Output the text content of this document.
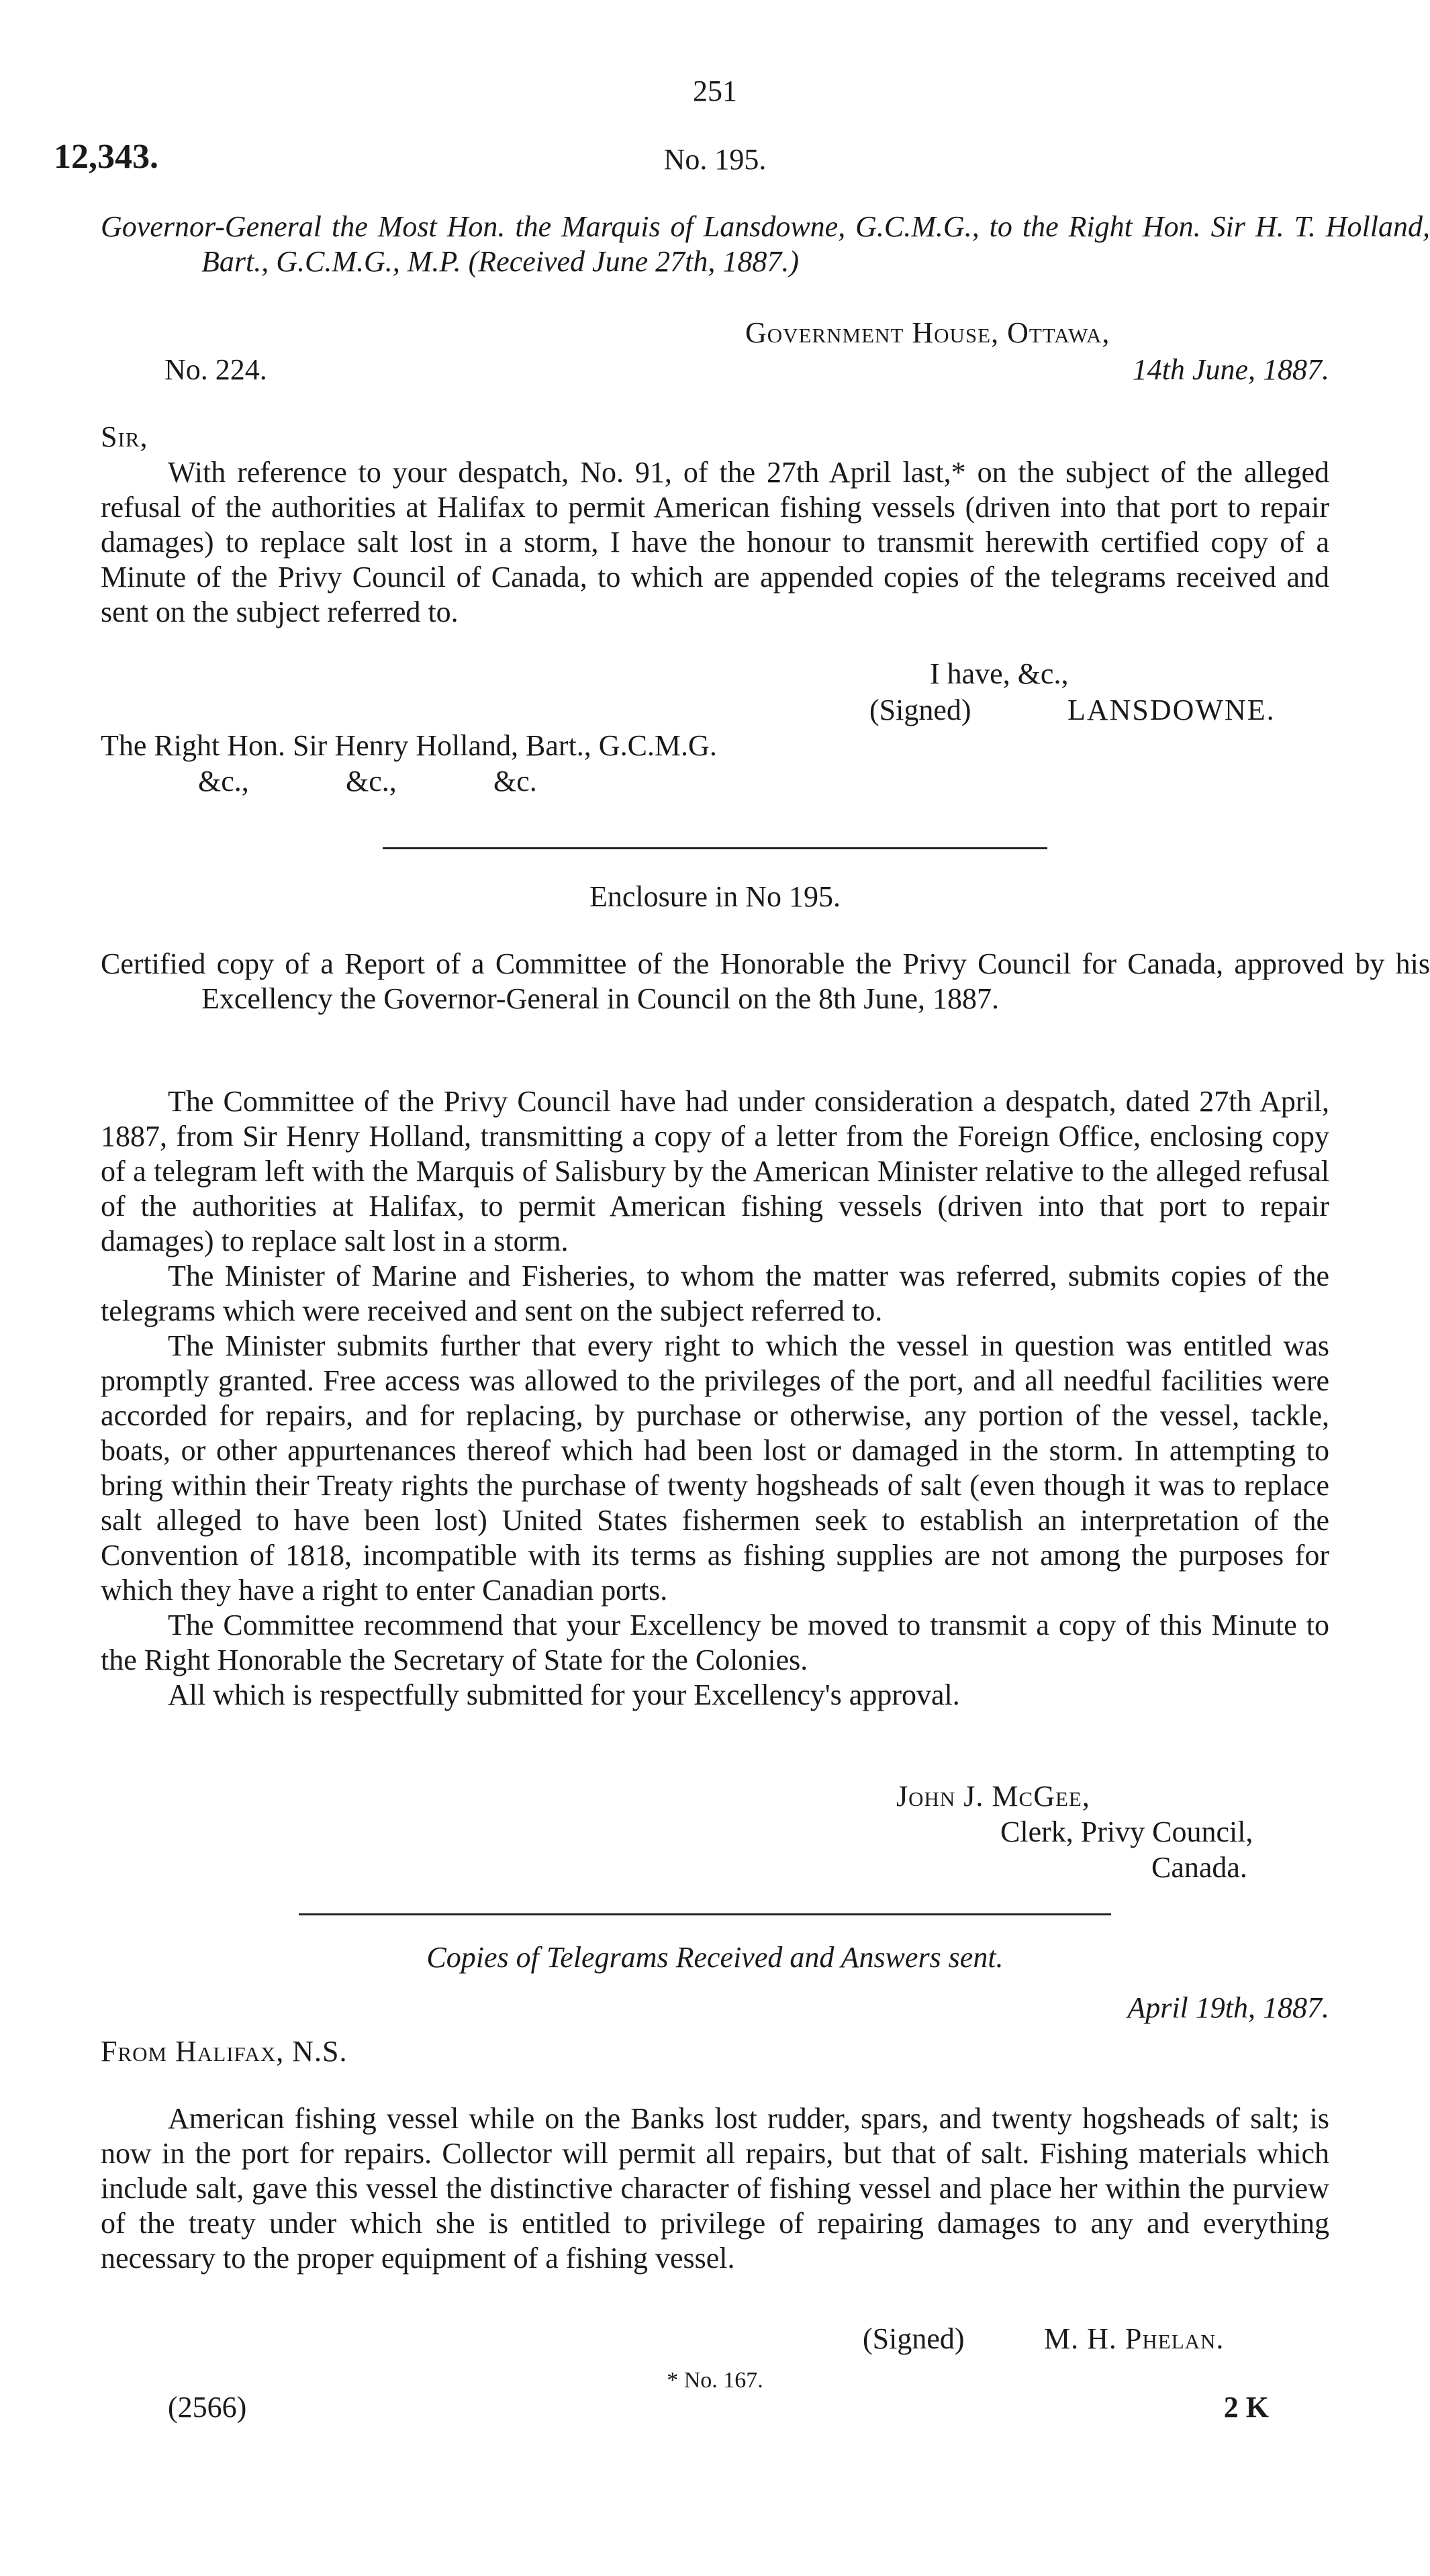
251
12,343.	No. 195.
Governor-General the Most Hon. the Marquis of Lansdowne, G.C.M.G., to the Right Hon. Sir H. T. Holland, Bart., G.C.M.G., M.P. (Received June 27th, 1887.)
Government House, Ottawa,
No. 224.	14th June, 1887.
Sir,
With reference to your despatch, No. 91, of the 27th April last,* on the subject of the alleged refusal of the authorities at Halifax to permit American fishing vessels (driven into that port to repair damages) to replace salt lost in a storm, I have the honour to transmit herewith certified copy of a Minute of the Privy Council of Canada, to which are appended copies of the telegrams received and sent on the subject referred to.
I have, &c.,
(Signed)	LANSDOWNE.
The Right Hon. Sir Henry Holland, Bart., G.C.M.G.
&c.,	&c.,	&c.
Enclosure in No 195.
Certified copy of a Report of a Committee of the Honorable the Privy Council for Canada, approved by his Excellency the Governor-General in Council on the 8th June, 1887.

The Committee of the Privy Council have had under consideration a despatch, dated 27th April, 1887, from Sir Henry Holland, transmitting a copy of a letter from the Foreign Office, enclosing copy of a telegram left with the Marquis of Salisbury by the American Minister relative to the alleged refusal of the authorities at Halifax, to permit American fishing vessels (driven into that port to repair damages) to replace salt lost in a storm.

The Minister of Marine and Fisheries, to whom the matter was referred, submits copies of the telegrams which were received and sent on the subject referred to.

The Minister submits further that every right to which the vessel in question was entitled was promptly granted. Free access was allowed to the privileges of the port, and all needful facilities were accorded for repairs, and for replacing, by purchase or otherwise, any portion of the vessel, tackle, boats, or other appurtenances thereof which had been lost or damaged in the storm. In attempting to bring within their Treaty rights the purchase of twenty hogsheads of salt (even though it was to replace salt alleged to have been lost) United States fishermen seek to establish an interpretation of the Convention of 1818, incompatible with its terms as fishing supplies are not among the purposes for which they have a right to enter Canadian ports.

The Committee recommend that your Excellency be moved to transmit a copy of this Minute to the Right Honorable the Secretary of State for the Colonies.

All which is respectfully submitted for your Excellency's approval.

John J. McGee,
Clerk, Privy Council,
Canada.
Copies of Telegrams Received and Answers sent.
April 19th, 1887.
From Halifax, N.S.
American fishing vessel while on the Banks lost rudder, spars, and twenty hogsheads of salt; is now in the port for repairs. Collector will permit all repairs, but that of salt. Fishing materials which include salt, gave this vessel the distinctive character of fishing vessel and place her within the purview of the treaty under which she is entitled to privilege of repairing damages to any and everything necessary to the proper equipment of a fishing vessel.
(Signed)	M. H. Phelan.
* No. 167.
(2566)	2 K
